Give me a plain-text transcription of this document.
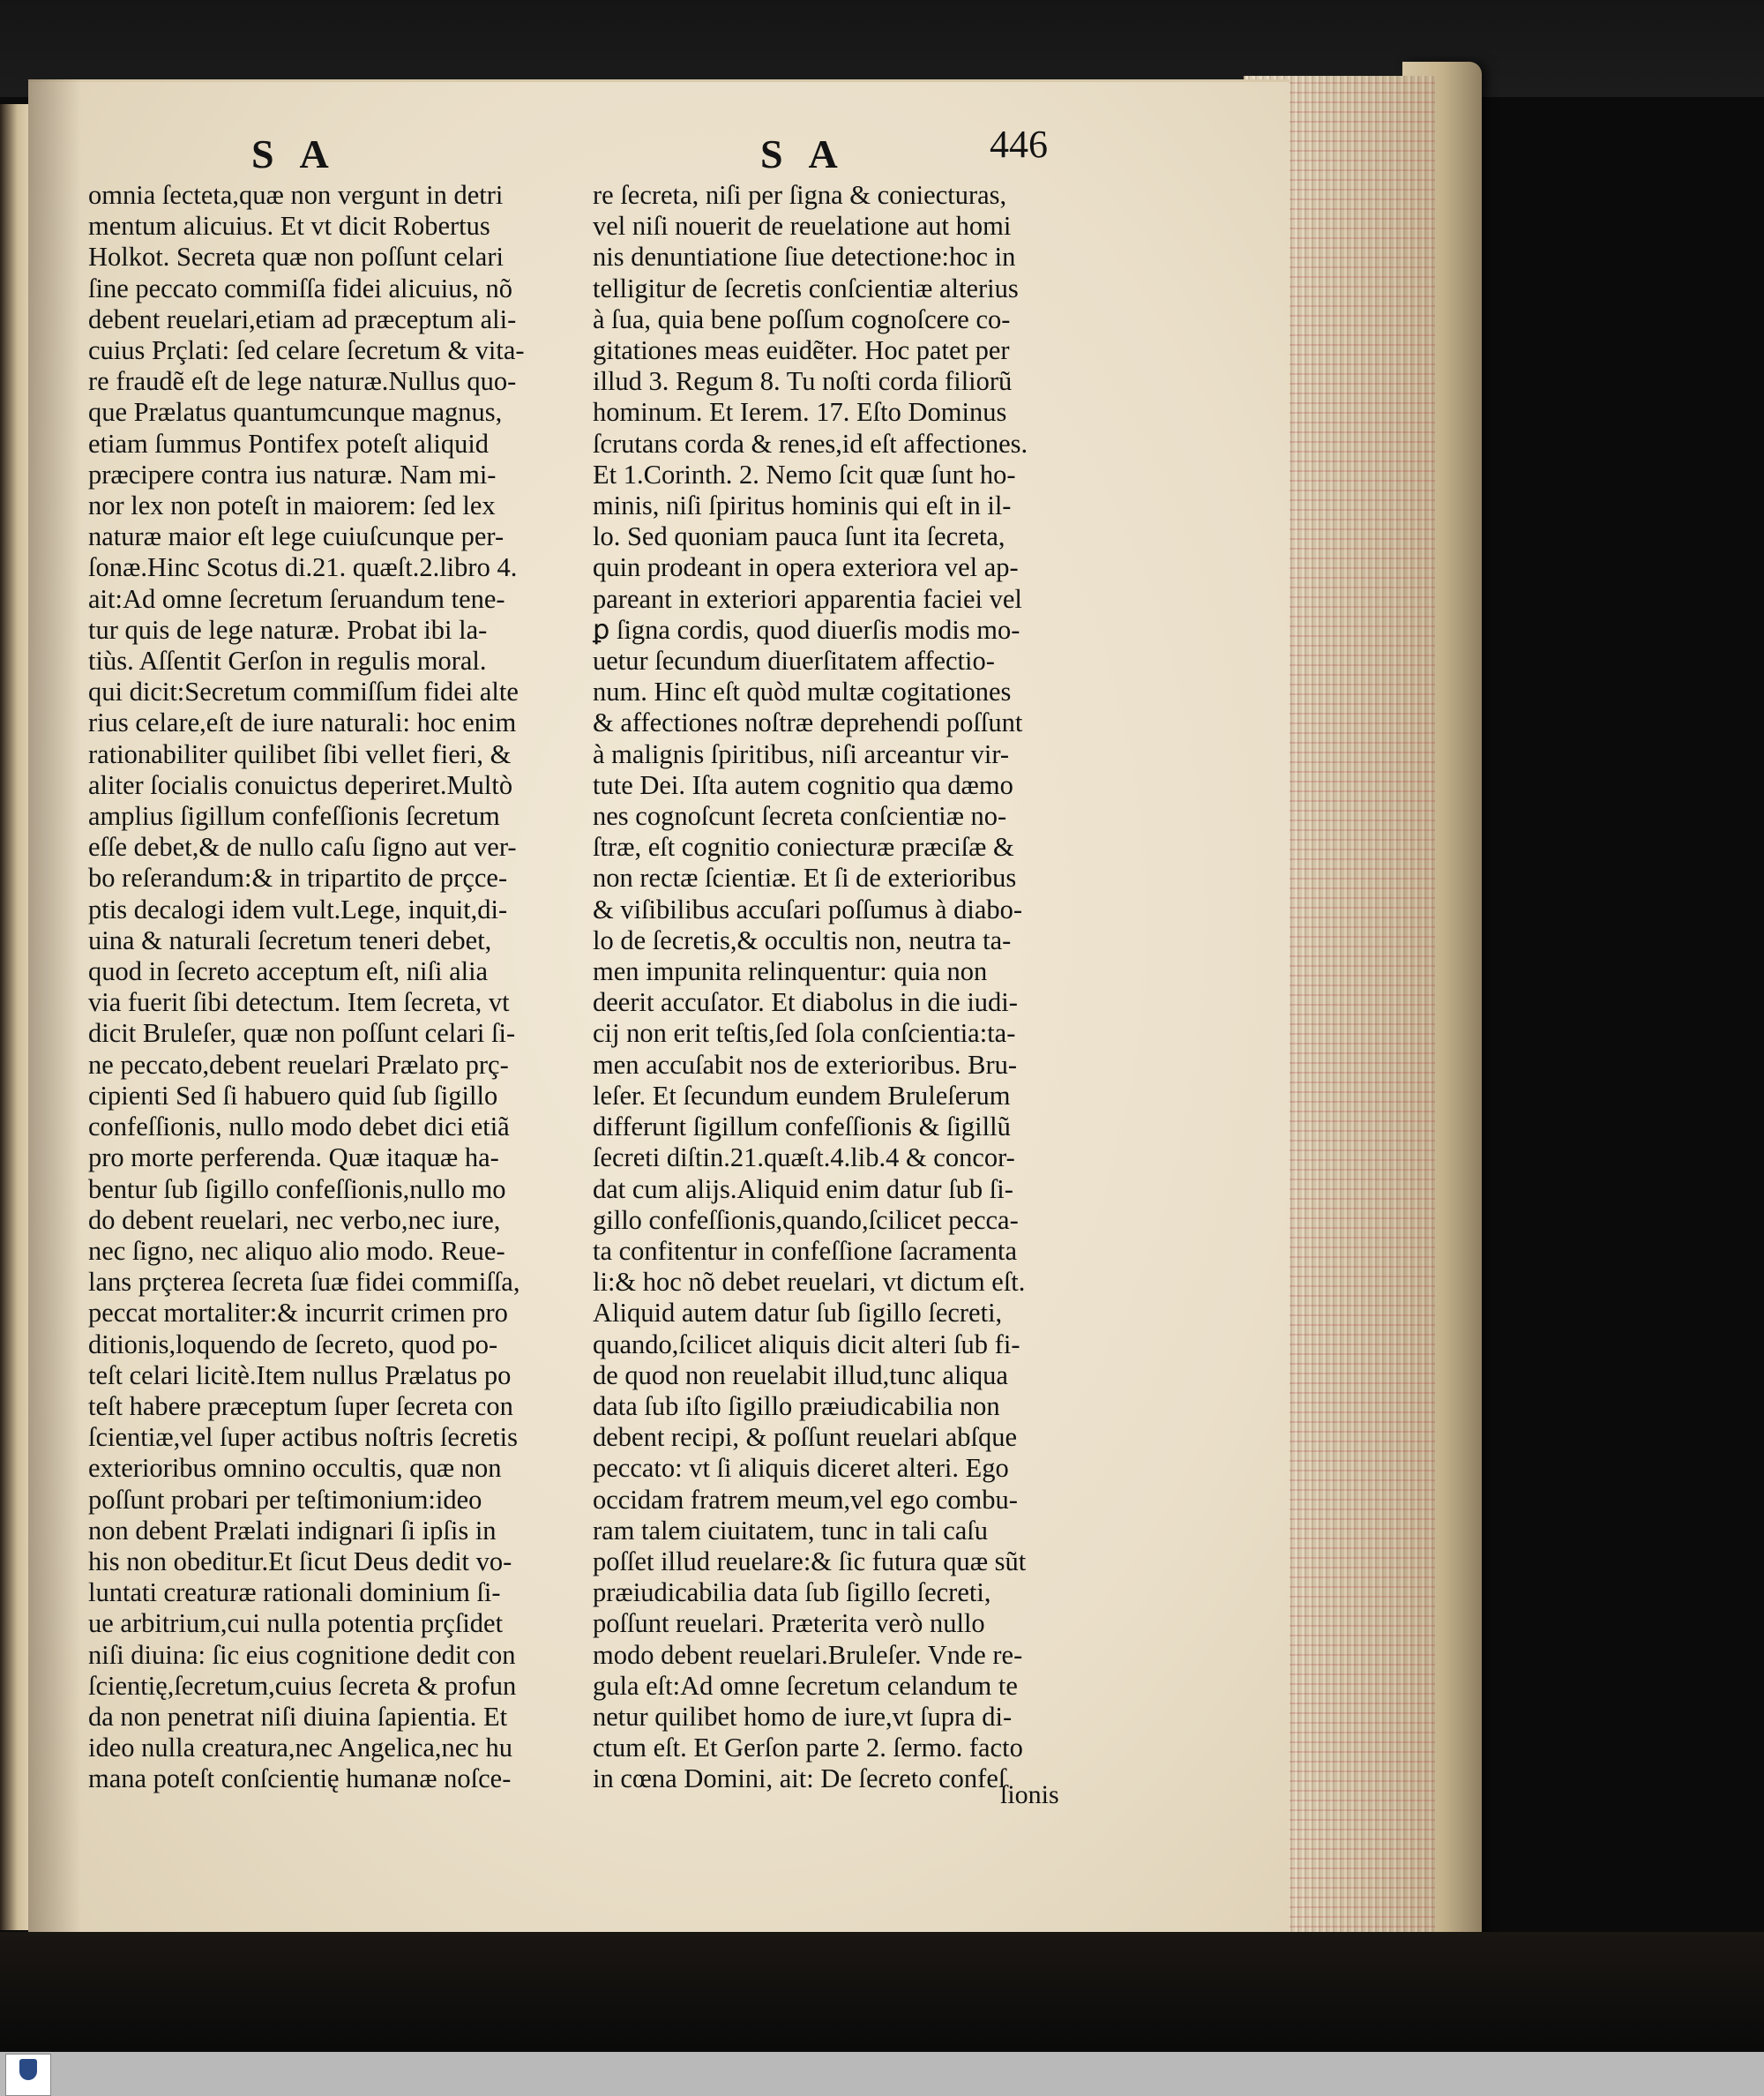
S A	S A	446
omnia ſecteta,quæ non vergunt in detri
mentum alicuius. Et vt dicit Robertus
Holkot. Secreta quæ non poſſunt celari
ſine peccato commiſſa fidei alicuius, nõ
debent reuelari,etiam ad præceptum ali-
cuius Prçlati: ſed celare ſecretum & vita-
re fraudẽ eſt de lege naturæ.Nullus quo-
que Prælatus quantumcunque magnus,
etiam ſummus Pontifex poteſt aliquid
præcipere contra ius naturæ. Nam mi-
nor lex non poteſt in maiorem: ſed lex
naturæ maior eſt lege cuiuſcunque per-
ſonæ.Hinc Scotus di.21. quæſt.2.libro 4.
ait:Ad omne ſecretum ſeruandum tene-
tur quis de lege naturæ. Probat ibi la-
tiùs. Aſſentit Gerſon in regulis moral.
qui dicit:Secretum commiſſum fidei alte
rius celare,eſt de iure naturali: hoc enim
rationabiliter quilibet ſibi vellet fieri, &
aliter ſocialis conuictus deperiret.Multò
amplius ſigillum confeſſionis ſecretum
eſſe debet,& de nullo caſu ſigno aut ver-
bo reſerandum:& in tripartito de prçce-
ptis decalogi idem vult.Lege, inquit,di-
uina & naturali ſecretum teneri debet,
quod in ſecreto acceptum eſt, niſi alia
via fuerit ſibi detectum. Item ſecreta, vt
dicit Bruleſer, quæ non poſſunt celari ſi-
ne peccato,debent reuelari Prælato prç-
cipienti Sed ſi habuero quid ſub ſigillo
confeſſionis, nullo modo debet dici etiã
pro morte perferenda. Quæ itaquæ ha-
bentur ſub ſigillo confeſſionis,nullo mo
do debent reuelari, nec verbo,nec iure,
nec ſigno, nec aliquo alio modo. Reue-
lans prçterea ſecreta ſuæ fidei commiſſa,
peccat mortaliter:& incurrit crimen pro
ditionis,loquendo de ſecreto, quod po-
teſt celari licitè.Item nullus Prælatus po
teſt habere præceptum ſuper ſecreta con
ſcientiæ,vel ſuper actibus noſtris ſecretis
exterioribus omnino occultis, quæ non
poſſunt probari per teſtimonium:ideo
non debent Prælati indignari ſi ipſis in
his non obeditur.Et ſicut Deus dedit vo-
luntati creaturæ rationali dominium ſi-
ue arbitrium,cui nulla potentia prçſidet
niſi diuina: ſic eius cognitione dedit con
ſcientię,ſecretum,cuius ſecreta & profun
da non penetrat niſi diuina ſapientia. Et
ideo nulla creatura,nec Angelica,nec hu
mana poteſt conſcientię humanæ noſce-
re ſecreta, niſi per ſigna & coniecturas,
vel niſi nouerit de reuelatione aut homi
nis denuntiatione ſiue detectione:hoc in
telligitur de ſecretis conſcientiæ alterius
à ſua, quia bene poſſum cognoſcere co-
gitationes meas euidẽter. Hoc patet per
illud 3. Regum 8. Tu noſti corda filiorũ
hominum. Et Ierem. 17. Eſto Dominus
ſcrutans corda & renes,id eſt affectiones.
Et 1.Corinth. 2. Nemo ſcit quæ ſunt ho-
minis, niſi ſpiritus hominis qui eſt in il-
lo. Sed quoniam pauca ſunt ita ſecreta,
quin prodeant in opera exteriora vel ap-
pareant in exteriori apparentia faciei vel
ꝑ ſigna cordis, quod diuerſis modis mo-
uetur ſecundum diuerſitatem affectio-
num. Hinc eſt quòd multæ cogitationes
& affectiones noſtræ deprehendi poſſunt
à malignis ſpiritibus, niſi arceantur vir-
tute Dei. Iſta autem cognitio qua dæmo
nes cognoſcunt ſecreta conſcientiæ no-
ſtræ, eſt cognitio coniecturæ præciſæ &
non rectæ ſcientiæ. Et ſi de exterioribus
& viſibilibus accuſari poſſumus à diabo-
lo de ſecretis,& occultis non, neutra ta-
men impunita relinquentur: quia non
deerit accuſator. Et diabolus in die iudi-
cij non erit teſtis,ſed ſola conſcientia:ta-
men accuſabit nos de exterioribus. Bru-
leſer. Et ſecundum eundem Bruleſerum
differunt ſigillum confeſſionis & ſigillũ
ſecreti diſtin.21.quæſt.4.lib.4 & concor-
dat cum alijs.Aliquid enim datur ſub ſi-
gillo confeſſionis,quando,ſcilicet pecca-
ta confitentur in confeſſione ſacramenta
li:& hoc nõ debet reuelari, vt dictum eſt.
Aliquid autem datur ſub ſigillo ſecreti,
quando,ſcilicet aliquis dicit alteri ſub fi-
de quod non reuelabit illud,tunc aliqua
data ſub iſto ſigillo præiudicabilia non
debent recipi, & poſſunt reuelari abſque
peccato: vt ſi aliquis diceret alteri. Ego
occidam fratrem meum,vel ego combu-
ram talem ciuitatem, tunc in tali caſu
poſſet illud reuelare:& ſic futura quæ sũt
præiudicabilia data ſub ſigillo ſecreti,
poſſunt reuelari. Præterita verò nullo
modo debent reuelari.Bruleſer. Vnde re-
gula eſt:Ad omne ſecretum celandum te
netur quilibet homo de iure,vt ſupra di-
ctum eſt. Et Gerſon parte 2. ſermo. facto
in cœna Domini, ait: De ſecreto confeſ
ſionis
